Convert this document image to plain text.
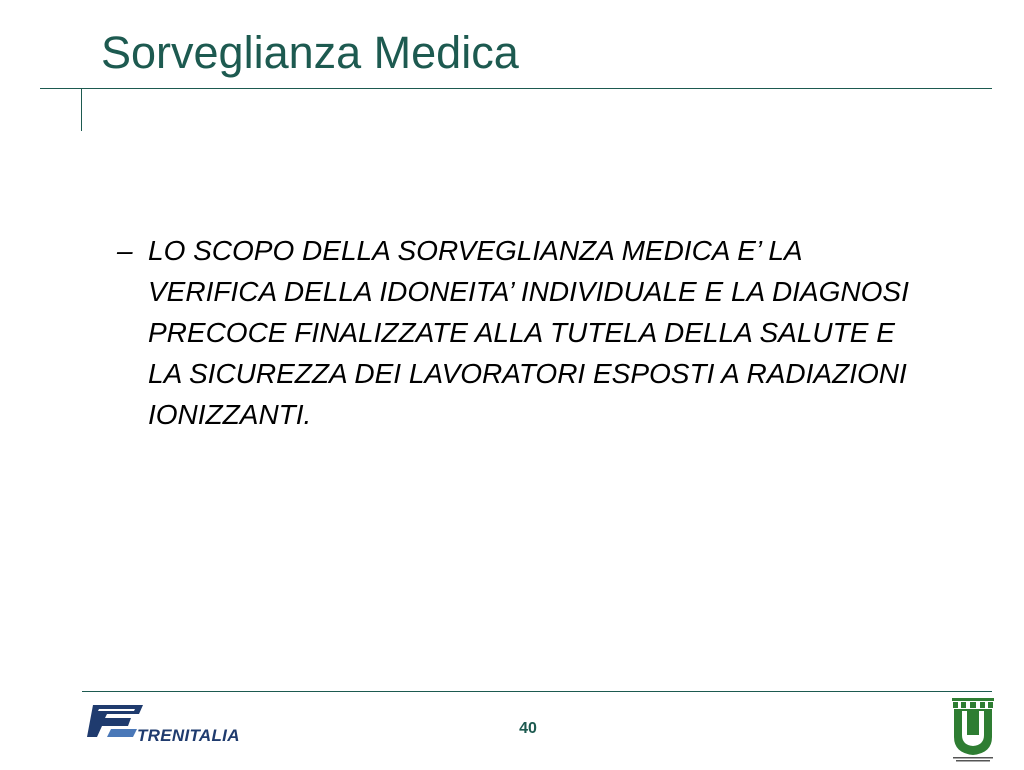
Sorveglianza Medica
– LO SCOPO DELLA SORVEGLIANZA MEDICA E’ LA VERIFICA DELLA IDONEITA’ INDIVIDUALE E LA DIAGNOSI PRECOCE FINALIZZATE ALLA TUTELA DELLA SALUTE E LA SICUREZZA DEI LAVORATORI ESPOSTI A RADIAZIONI IONIZZANTI.
40
TRENITALIA
